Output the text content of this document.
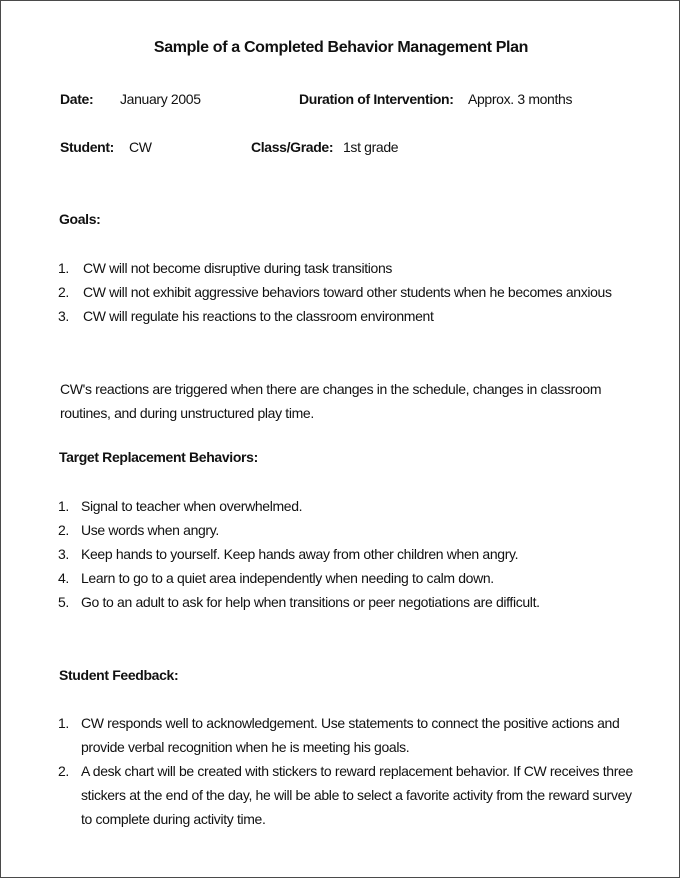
Sample of a Completed Behavior Management Plan
Date: January 2005	Duration of Intervention: Approx. 3 months
Student: CW	Class/Grade: 1st grade
Goals:
1. CW will not become disruptive during task transitions
2. CW will not exhibit aggressive behaviors toward other students when he becomes anxious
3. CW will regulate his reactions to the classroom environment
CW's reactions are triggered when there are changes in the schedule, changes in classroom routines, and during unstructured play time.
Target Replacement Behaviors:
1. Signal to teacher when overwhelmed.
2. Use words when angry.
3. Keep hands to yourself. Keep hands away from other children when angry.
4. Learn to go to a quiet area independently when needing to calm down.
5. Go to an adult to ask for help when transitions or peer negotiations are difficult.
Student Feedback:
1. CW responds well to acknowledgement. Use statements to connect the positive actions and provide verbal recognition when he is meeting his goals.
2. A desk chart will be created with stickers to reward replacement behavior. If CW receives three stickers at the end of the day, he will be able to select a favorite activity from the reward survey to complete during activity time.
